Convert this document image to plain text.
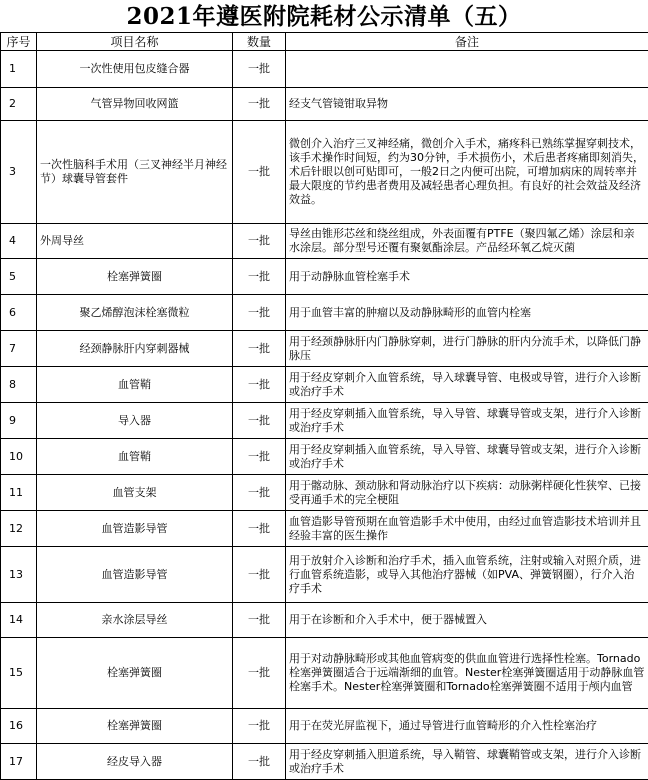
2021年遵医附院耗材公示清单（五）
序号	项目名称	数量	备注
1	一次性使用包皮缝合器	一批	
2	气管异物回收网篮	一批	经支气管镜钳取异物
3	一次性脑科手术用（三叉神经半月神经节）球囊导管套件	一批	微创介入治疗三叉神经痛，微创介入手术，痛疼科已熟练掌握穿刺技术，该手术操作时间短，约为30分钟，手术损伤小，术后患者疼痛即刻消失，术后针眼以创可贴即可，一般2日之内便可出院，可增加病床的周转率并最大限度的节约患者费用及减轻患者心理负担。有良好的社会效益及经济效益。
4	外周导丝	一批	导丝由锥形芯丝和绕丝组成，外表面覆有PTFE（聚四氟乙烯）涂层和亲水涂层。部分型号还覆有聚氨酯涂层。产品经环氧乙烷灭菌

5	栓塞弹簧圈	一批	用于动静脉血管栓塞手术
6	聚乙烯醇泡沫栓塞微粒	一批	用于血管丰富的肿瘤以及动静脉畸形的血管内栓塞
7	经颈静脉肝内穿刺器械	一批	用于经颈静脉肝内门静脉穿刺，进行门静脉的肝内分流手术，以降低门静脉压
8	血管鞘	一批	用于经皮穿刺介入血管系统，导入球囊导管、电极或导管，进行介入诊断或治疗手术
9	导入器	一批	用于经皮穿刺插入血管系统，导入导管、球囊导管或支架，进行介入诊断或治疗手术
10	血管鞘	一批	用于经皮穿刺插入血管系统，导入导管、球囊导管或支架，进行介入诊断或治疗手术
11	血管支架	一批	用于髂动脉、颈动脉和肾动脉治疗以下疾病：动脉粥样硬化性狭窄、已接受再通手术的完全梗阻
12	血管造影导管	一批	血管造影导管预期在血管造影手术中使用，由经过血管造影技术培训并且经验丰富的医生操作
13	血管造影导管	一批	用于放射介入诊断和治疗手术，插入血管系统，注射或输入对照介质，进行血管系统造影，或导入其他治疗器械（如PVA、弹簧钢圈），行介入治疗手术
14	亲水涂层导丝	一批	用于在诊断和介入手术中，便于器械置入
15	栓塞弹簧圈	一批	用于对动静脉畸形或其他血管病变的供血血管进行选择性栓塞。Tornado栓塞弹簧圈适合于远端渐细的血管。Nester栓塞弹簧圈适用于动静脉血管栓塞手术。Nester栓塞弹簧圈和Tornado栓塞弹簧圈不适用于颅内血管
16	栓塞弹簧圈	一批	用于在荧光屏监视下，通过导管进行血管畸形的介入性栓塞治疗
17	经皮导入器	一批	用于经皮穿刺插入胆道系统，导入鞘管、球囊鞘管或支架，进行介入诊断或治疗手术
